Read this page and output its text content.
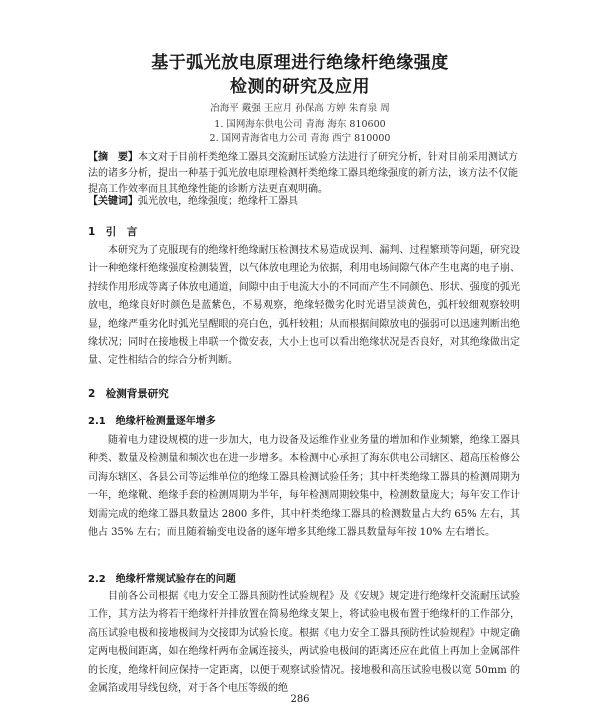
基于弧光放电原理进行绝缘杆绝缘强度
检测的研究及应用
冶海平 戴强 王应月 孙保高 方婷 朱育泉 周
1. 国网海东供电公司 青海 海东 810600
2. 国网青海省电力公司 青海 西宁 810000
【摘　要】本文对于目前杆类绝缘工器具交流耐压试验方法进行了研究分析，针对目前采用测试方法的诸多分析，提出一种基于弧光放电原理检测杆类绝缘工器具绝缘强度的新方法，该方法不仅能提高工作效率而且其绝缘性能的诊断方法更直观明确。
【关键词】弧光放电，绝缘强度；绝缘杆工器具
1　引　言
本研究为了克服现有的绝缘杆绝缘耐压检测技术易造成误判、漏判、过程繁琐等问题，研究设计一种绝缘杆绝缘强度检测装置，以气体放电理论为依据，利用电场间隙气体产生电离的电子崩、持续作用形成等离子体放电通道，间隙中由于电流大小的不同而产生不同颜色、形状、强度的弧光放电，绝缘良好时颜色是蓝紫色，不易观察，绝缘轻微劣化时光谱呈淡黄色，弧杆较细观察较明显，绝缘严重劣化时弧光呈醒眼的亮白色，弧杆较粗；从而根据间隙放电的强弱可以迅速判断出绝缘状况；同时在接地极上串联一个微安表，大小上也可以看出绝缘状况是否良好，对其绝缘做出定量、定性相结合的综合分析判断。
2　检测背景研究
2.1　绝缘杆检测量逐年增多
随着电力建设规模的进一步加大，电力设备及运维作业业务量的增加和作业频繁，绝缘工器具种类、数量及检测量和频次也在进一步增多。本检测中心承担了海东供电公司辖区、超高压检修公司海东辖区、各县公司等运维单位的绝缘工器具检测试验任务；其中杆类绝缘工器具的检测周期为一年，绝缘靴、绝缘手套的检测周期为半年，每年检测周期较集中，检测数量庞大；每年安工作计划需完成的绝缘工器具数量达 2800 多件，其中杆类绝缘工器具的检测数量占大约 65% 左右，其他占 35% 左右；而且随着输变电设备的逐年增多其绝缘工器具数量每年按 10% 左右增长。
2.2　绝缘杆常规试验存在的问题
目前各公司根据《电力安全工器具预防性试验规程》及《安规》规定进行绝缘杆交流耐压试验工作，其方法为将若干绝缘杆并排放置在简易绝缘支架上，将试验电极布置于绝缘杆的工作部分，高压试验电极和接地极间为交接即为试验长度。根据《电力安全工器具预防性试验规程》中规定确定两电极间距离，如在绝缘杆两布金属连接头，两试验电极间的距离还应在此值上再加上金属部件的长度，绝缘杆间应保持一定距离，以便于观察试验情况。接地极和高压试验电极以宽 50mm 的金属箔或用导线包绕，对于各个电压等级的绝
286
